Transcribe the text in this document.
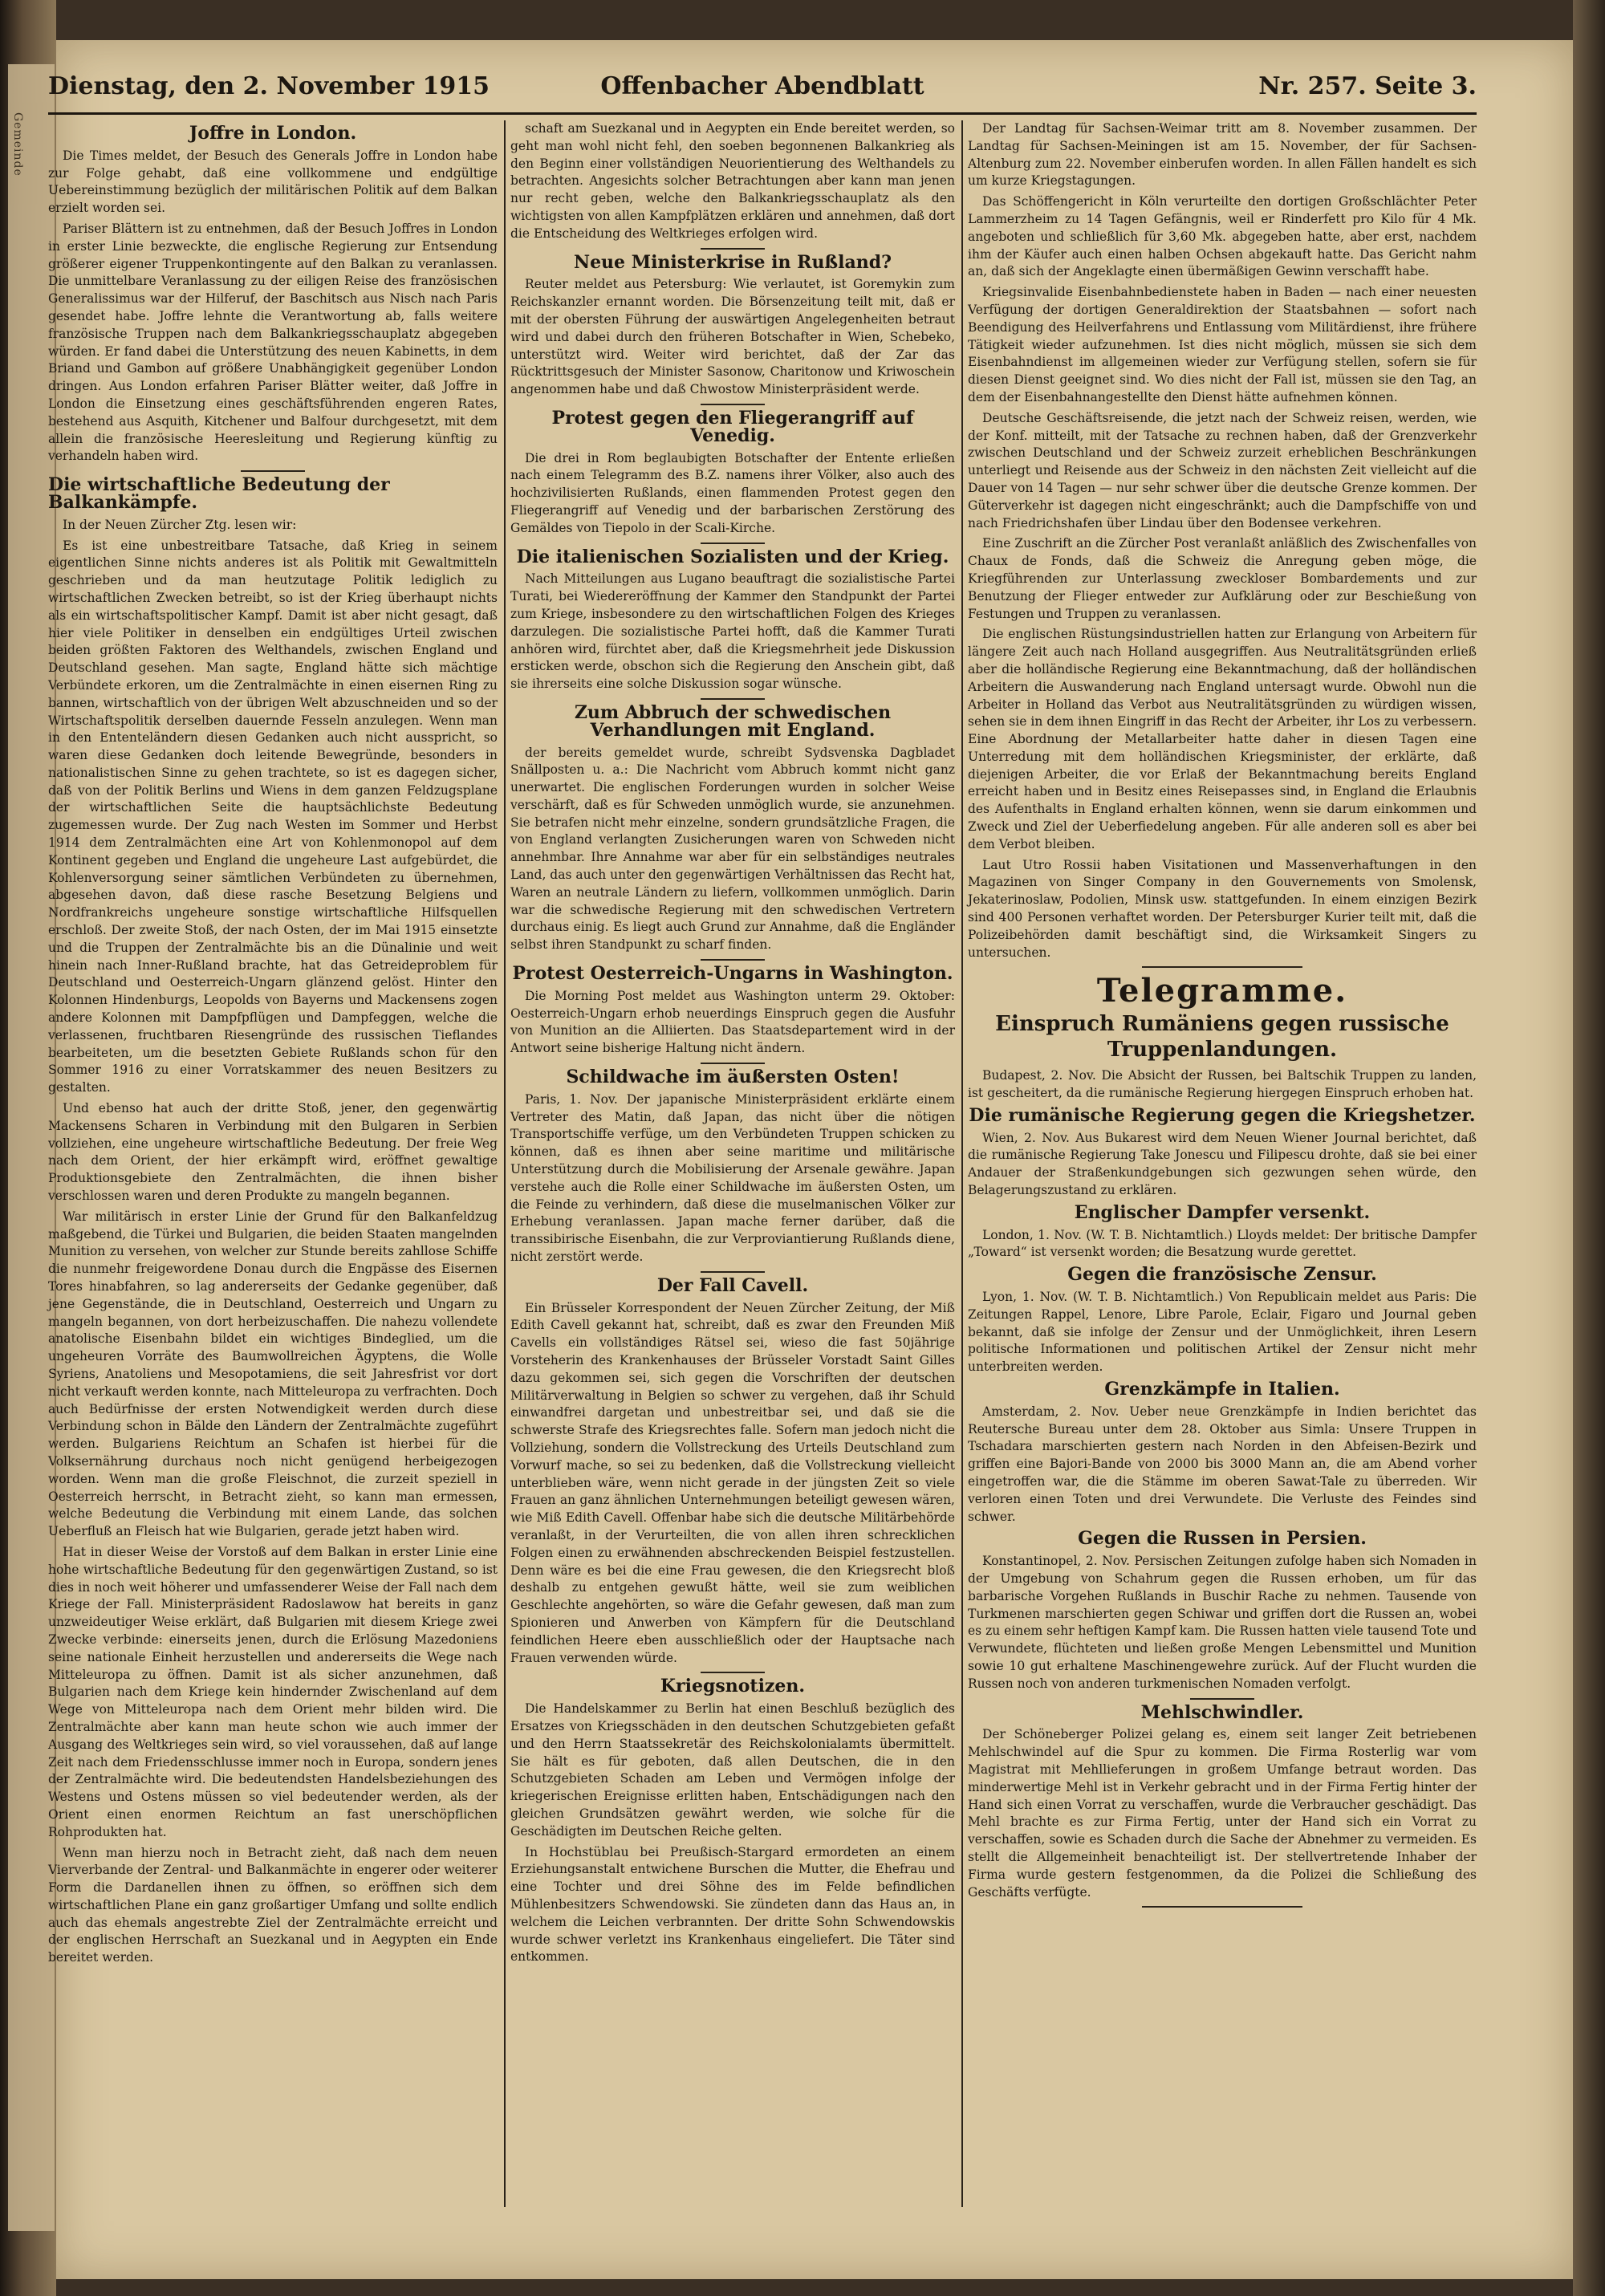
Gemeinde
Dienstag, den 2. November 1915	Offenbacher Abendblatt	Nr. 257. Seite 3.
Joffre in London.

Die Times meldet, der Besuch des Generals Joffre in London habe zur Folge gehabt, daß eine vollkommene und endgültige Uebereinstimmung bezüglich der militärischen Politik auf dem Balkan erzielt worden sei.

Pariser Blättern ist zu entnehmen, daß der Besuch Joffres in London in erster Linie bezweckte, die englische Regierung zur Entsendung größerer eigener Truppenkontingente auf den Balkan zu veranlassen. Die unmittelbare Veranlassung zu der eiligen Reise des französischen Generalissimus war der Hilferuf, der Baschitsch aus Nisch nach Paris gesendet habe. Joffre lehnte die Verantwortung ab, falls weitere französische Truppen nach dem Balkankriegsschauplatz abgegeben würden. Er fand dabei die Unterstützung des neuen Kabinetts, in dem Briand und Gambon auf größere Unabhängigkeit gegenüber London dringen. Aus London erfahren Pariser Blätter weiter, daß Joffre in London die Einsetzung eines geschäftsführenden engeren Rates, bestehend aus Asquith, Kitchener und Balfour durchgesetzt, mit dem allein die französische Heeresleitung und Regierung künftig zu verhandeln haben wird.

Die wirtschaftliche Bedeutung der Balkankämpfe.

In der Neuen Zürcher Ztg. lesen wir:

Es ist eine unbestreitbare Tatsache, daß Krieg in seinem eigentlichen Sinne nichts anderes ist als Politik mit Gewaltmitteln geschrieben und da man heutzutage Politik lediglich zu wirtschaftlichen Zwecken betreibt, so ist der Krieg überhaupt nichts als ein wirtschaftspolitischer Kampf. Damit ist aber nicht gesagt, daß hier viele Politiker in denselben ein endgültiges Urteil zwischen beiden größten Faktoren des Welthandels, zwischen England und Deutschland gesehen. Man sagte, England hätte sich mächtige Verbündete erkoren, um die Zentralmächte in einen eisernen Ring zu bannen, wirtschaftlich von der übrigen Welt abzuschneiden und so der Wirtschaftspolitik derselben dauernde Fesseln anzulegen. Wenn man in den Ententeländern diesen Gedanken auch nicht ausspricht, so waren diese Gedanken doch leitende Bewegründe, besonders in nationalistischen Sinne zu gehen trachtete, so ist es dagegen sicher, daß von der Politik Berlins und Wiens in dem ganzen Feldzugsplane der wirtschaftlichen Seite die hauptsächlichste Bedeutung zugemessen wurde. Der Zug nach Westen im Sommer und Herbst 1914 dem Zentralmächten eine Art von Kohlenmonopol auf dem Kontinent gegeben und England die ungeheure Last aufgebürdet, die Kohlenversorgung seiner sämtlichen Verbündeten zu übernehmen, abgesehen davon, daß diese rasche Besetzung Belgiens und Nordfrankreichs ungeheure sonstige wirtschaftliche Hilfsquellen erschloß. Der zweite Stoß, der nach Osten, der im Mai 1915 einsetzte und die Truppen der Zentralmächte bis an die Dünalinie und weit hinein nach Inner-Rußland brachte, hat das Getreideproblem für Deutschland und Oesterreich-Ungarn glänzend gelöst. Hinter den Kolonnen Hindenburgs, Leopolds von Bayerns und Mackensens zogen andere Kolonnen mit Dampfpflügen und Dampfeggen, welche die verlassenen, fruchtbaren Riesengründe des russischen Tieflandes bearbeiteten, um die besetzten Gebiete Rußlands schon für den Sommer 1916 zu einer Vorratskammer des neuen Besitzers zu gestalten.

Und ebenso hat auch der dritte Stoß, jener, den gegenwärtig Mackensens Scharen in Verbindung mit den Bulgaren in Serbien vollziehen, eine ungeheure wirtschaftliche Bedeutung. Der freie Weg nach dem Orient, der hier erkämpft wird, eröffnet gewaltige Produktionsgebiete den Zentralmächten, die ihnen bisher verschlossen waren und deren Produkte zu mangeln begannen.

War militärisch in erster Linie der Grund für den Balkanfeldzug maßgebend, die Türkei und Bulgarien, die beiden Staaten mangelnden Munition zu versehen, von welcher zur Stunde bereits zahllose Schiffe die nunmehr freigewordene Donau durch die Engpässe des Eisernen Tores hinabfahren, so lag andererseits der Gedanke gegenüber, daß jene Gegenstände, die in Deutschland, Oesterreich und Ungarn zu mangeln begannen, von dort herbeizuschaffen. Die nahezu vollendete anatolische Eisenbahn bildet ein wichtiges Bindeglied, um die ungeheuren Vorräte des Baumwollreichen Ägyptens, die Wolle Syriens, Anatoliens und Mesopotamiens, die seit Jahresfrist vor dort nicht verkauft werden konnte, nach Mitteleuropa zu verfrachten. Doch auch Bedürfnisse der ersten Notwendigkeit werden durch diese Verbindung schon in Bälde den Ländern der Zentralmächte zugeführt werden. Bulgariens Reichtum an Schafen ist hierbei für die Volksernährung durchaus noch nicht genügend herbeigezogen worden. Wenn man die große Fleischnot, die zurzeit speziell in Oesterreich herrscht, in Betracht zieht, so kann man ermessen, welche Bedeutung die Verbindung mit einem Lande, das solchen Ueberfluß an Fleisch hat wie Bulgarien, gerade jetzt haben wird.

Hat in dieser Weise der Vorstoß auf dem Balkan in erster Linie eine hohe wirtschaftliche Bedeutung für den gegenwärtigen Zustand, so ist dies in noch weit höherer und umfassenderer Weise der Fall nach dem Kriege der Fall. Ministerpräsident Radoslawow hat bereits in ganz unzweideutiger Weise erklärt, daß Bulgarien mit diesem Kriege zwei Zwecke verbinde: einerseits jenen, durch die Erlösung Mazedoniens seine nationale Einheit herzustellen und andererseits die Wege nach Mitteleuropa zu öffnen. Damit ist als sicher anzunehmen, daß Bulgarien nach dem Kriege kein hindernder Zwischenland auf dem Wege von Mitteleuropa nach dem Orient mehr bilden wird. Die Zentralmächte aber kann man heute schon wie auch immer der Ausgang des Weltkrieges sein wird, so viel voraussehen, daß auf lange Zeit nach dem Friedensschlusse immer noch in Europa, sondern jenes der Zentralmächte wird. Die bedeutendsten Handelsbeziehungen des Westens und Ostens müssen so viel bedeutender werden, als der Orient einen enormen Reichtum an fast unerschöpflichen Rohprodukten hat.

Wenn man hierzu noch in Betracht zieht, daß nach dem neuen Vierverbande der Zentral- und Balkanmächte in engerer oder weiterer Form die Dardanellen ihnen zu öffnen, so eröffnen sich dem wirtschaftlichen Plane ein ganz großartiger Umfang und sollte endlich auch das ehemals angestrebte Ziel der Zentralmächte erreicht und der englischen Herrschaft an Suezkanal und in Aegypten ein Ende bereitet werden.

schaft am Suezkanal und in Aegypten ein Ende bereitet werden, so geht man wohl nicht fehl, den soeben begonnenen Balkankrieg als den Beginn einer vollständigen Neuorientierung des Welthandels zu betrachten. Angesichts solcher Betrachtungen aber kann man jenen nur recht geben, welche den Balkankriegsschauplatz als den wichtigsten von allen Kampfplätzen erklären und annehmen, daß dort die Entscheidung des Weltkrieges erfolgen wird.

Neue Ministerkrise in Rußland?

Reuter meldet aus Petersburg: Wie verlautet, ist Goremykin zum Reichskanzler ernannt worden. Die Börsenzeitung teilt mit, daß er mit der obersten Führung der auswärtigen Angelegenheiten betraut wird und dabei durch den früheren Botschafter in Wien, Schebeko, unterstützt wird. Weiter wird berichtet, daß der Zar das Rücktrittsgesuch der Minister Sasonow, Charitonow und Kriwoschein angenommen habe und daß Chwostow Ministerpräsident werde.

Protest gegen den Fliegerangriff auf Venedig.

Die drei in Rom beglaubigten Botschafter der Entente erließen nach einem Telegramm des B.Z. namens ihrer Völker, also auch des hochzivilisierten Rußlands, einen flammenden Protest gegen den Fliegerangriff auf Venedig und der barbarischen Zerstörung des Gemäldes von Tiepolo in der Scali-Kirche.

Die italienischen Sozialisten und der Krieg.

Nach Mitteilungen aus Lugano beauftragt die sozialistische Partei Turati, bei Wiedereröffnung der Kammer den Standpunkt der Partei zum Kriege, insbesondere zu den wirtschaftlichen Folgen des Krieges darzulegen. Die sozialistische Partei hofft, daß die Kammer Turati anhören wird, fürchtet aber, daß die Kriegsmehrheit jede Diskussion ersticken werde, obschon sich die Regierung den Anschein gibt, daß sie ihrerseits eine solche Diskussion sogar wünsche.

Zum Abbruch der schwedischen Verhandlungen mit England.

der bereits gemeldet wurde, schreibt Sydsvenska Dagbladet Snällposten u. a.: Die Nachricht vom Abbruch kommt nicht ganz unerwartet. Die englischen Forderungen wurden in solcher Weise verschärft, daß es für Schweden unmöglich wurde, sie anzunehmen. Sie betrafen nicht mehr einzelne, sondern grundsätzliche Fragen, die von England verlangten Zusicherungen waren von Schweden nicht annehmbar. Ihre Annahme war aber für ein selbständiges neutrales Land, das auch unter den gegenwärtigen Verhältnissen das Recht hat, Waren an neutrale Ländern zu liefern, vollkommen unmöglich. Darin war die schwedische Regierung mit den schwedischen Vertretern durchaus einig. Es liegt auch Grund zur Annahme, daß die Engländer selbst ihren Standpunkt zu scharf finden.

Protest Oesterreich-Ungarns in Washington.

Die Morning Post meldet aus Washington unterm 29. Oktober: Oesterreich-Ungarn erhob neuerdings Einspruch gegen die Ausfuhr von Munition an die Alliierten. Das Staatsdepartement wird in der Antwort seine bisherige Haltung nicht ändern.

Schildwache im äußersten Osten!

Paris, 1. Nov. Der japanische Ministerpräsident erklärte einem Vertreter des Matin, daß Japan, das nicht über die nötigen Transportschiffe verfüge, um den Verbündeten Truppen schicken zu können, daß es ihnen aber seine maritime und militärische Unterstützung durch die Mobilisierung der Arsenale gewähre. Japan verstehe auch die Rolle einer Schildwache im äußersten Osten, um die Feinde zu verhindern, daß diese die muselmanischen Völker zur Erhebung veranlassen. Japan mache ferner darüber, daß die transsibirische Eisenbahn, die zur Verproviantierung Rußlands diene, nicht zerstört werde.

Der Fall Cavell.

Ein Brüsseler Korrespondent der Neuen Zürcher Zeitung, der Miß Edith Cavell gekannt hat, schreibt, daß es zwar den Freunden Miß Cavells ein vollständiges Rätsel sei, wieso die fast 50jährige Vorsteherin des Krankenhauses der Brüsseler Vorstadt Saint Gilles dazu gekommen sei, sich gegen die Vorschriften der deutschen Militärverwaltung in Belgien so schwer zu vergehen, daß ihr Schuld einwandfrei dargetan und unbestreitbar sei, und daß sie die schwerste Strafe des Kriegsrechtes falle. Sofern man jedoch nicht die Vollziehung, sondern die Vollstreckung des Urteils Deutschland zum Vorwurf mache, so sei zu bedenken, daß die Vollstreckung vielleicht unterblieben wäre, wenn nicht gerade in der jüngsten Zeit so viele Frauen an ganz ähnlichen Unternehmungen beteiligt gewesen wären, wie Miß Edith Cavell. Offenbar habe sich die deutsche Militärbehörde veranlaßt, in der Verurteilten, die von allen ihren schrecklichen Folgen einen zu erwähnenden abschreckenden Beispiel festzustellen. Denn wäre es bei die eine Frau gewesen, die den Kriegsrecht bloß deshalb zu entgehen gewußt hätte, weil sie zum weiblichen Geschlechte angehörten, so wäre die Gefahr gewesen, daß man zum Spionieren und Anwerben von Kämpfern für die Deutschland feindlichen Heere eben ausschließlich oder der Hauptsache nach Frauen verwenden würde.

Kriegsnotizen.

Die Handelskammer zu Berlin hat einen Beschluß bezüglich des Ersatzes von Kriegsschäden in den deutschen Schutzgebieten gefaßt und den Herrn Staatssekretär des Reichskolonialamts übermittelt. Sie hält es für geboten, daß allen Deutschen, die in den Schutzgebieten Schaden am Leben und Vermögen infolge der kriegerischen Ereignisse erlitten haben, Entschädigungen nach den gleichen Grundsätzen gewährt werden, wie solche für die Geschädigten im Deutschen Reiche gelten.

In Hochstüblau bei Preußisch-Stargard ermordeten an einem Erziehungsanstalt entwichene Burschen die Mutter, die Ehefrau und eine Tochter und drei Söhne des im Felde befindlichen Mühlenbesitzers Schwendowski. Sie zündeten dann das Haus an, in welchem die Leichen verbrannten. Der dritte Sohn Schwendowskis wurde schwer verletzt ins Krankenhaus eingeliefert. Die Täter sind entkommen.

Der Landtag für Sachsen-Weimar tritt am 8. November zusammen. Der Landtag für Sachsen-Meiningen ist am 15. November, der für Sachsen-Altenburg zum 22. November einberufen worden. In allen Fällen handelt es sich um kurze Kriegstagungen.

Das Schöffengericht in Köln verurteilte den dortigen Großschlächter Peter Lammerzheim zu 14 Tagen Gefängnis, weil er Rinderfett pro Kilo für 4 Mk. angeboten und schließlich für 3,60 Mk. abgegeben hatte, aber erst, nachdem ihm der Käufer auch einen halben Ochsen abgekauft hatte. Das Gericht nahm an, daß sich der Angeklagte einen übermäßigen Gewinn verschafft habe.

Kriegsinvalide Eisenbahnbedienstete haben in Baden — nach einer neuesten Verfügung der dortigen Generaldirektion der Staatsbahnen — sofort nach Beendigung des Heilverfahrens und Entlassung vom Militärdienst, ihre frühere Tätigkeit wieder aufzunehmen. Ist dies nicht möglich, müssen sie sich dem Eisenbahndienst im allgemeinen wieder zur Verfügung stellen, sofern sie für diesen Dienst geeignet sind. Wo dies nicht der Fall ist, müssen sie den Tag, an dem der Eisenbahnangestellte den Dienst hätte aufnehmen können.

Deutsche Geschäftsreisende, die jetzt nach der Schweiz reisen, werden, wie der Konf. mitteilt, mit der Tatsache zu rechnen haben, daß der Grenzverkehr zwischen Deutschland und der Schweiz zurzeit erheblichen Beschränkungen unterliegt und Reisende aus der Schweiz in den nächsten Zeit vielleicht auf die Dauer von 14 Tagen — nur sehr schwer über die deutsche Grenze kommen. Der Güterverkehr ist dagegen nicht eingeschränkt; auch die Dampfschiffe von und nach Friedrichshafen über Lindau über den Bodensee verkehren.

Eine Zuschrift an die Zürcher Post veranlaßt anläßlich des Zwischenfalles von Chaux de Fonds, daß die Schweiz die Anregung geben möge, die Kriegführenden zur Unterlassung zweckloser Bombardements und zur Benutzung der Flieger entweder zur Aufklärung oder zur Beschießung von Festungen und Truppen zu veranlassen.

Die englischen Rüstungsindustriellen hatten zur Erlangung von Arbeitern für längere Zeit auch nach Holland ausgegriffen. Aus Neutralitätsgründen erließ aber die holländische Regierung eine Bekanntmachung, daß der holländischen Arbeitern die Auswanderung nach England untersagt wurde. Obwohl nun die Arbeiter in Holland das Verbot aus Neutralitätsgründen zu würdigen wissen, sehen sie in dem ihnen Eingriff in das Recht der Arbeiter, ihr Los zu verbessern. Eine Abordnung der Metallarbeiter hatte daher in diesen Tagen eine Unterredung mit dem holländischen Kriegsminister, der erklärte, daß diejenigen Arbeiter, die vor Erlaß der Bekanntmachung bereits England erreicht haben und in Besitz eines Reisepasses sind, in England die Erlaubnis des Aufenthalts in England erhalten können, wenn sie darum einkommen und Zweck und Ziel der Ueberfiedelung angeben. Für alle anderen soll es aber bei dem Verbot bleiben.

Laut Utro Rossii haben Visitationen und Massenverhaftungen in den Magazinen von Singer Company in den Gouvernements von Smolensk, Jekaterinoslaw, Podolien, Minsk usw. stattgefunden. In einem einzigen Bezirk sind 400 Personen verhaftet worden. Der Petersburger Kurier teilt mit, daß die Polizeibehörden damit beschäftigt sind, die Wirksamkeit Singers zu untersuchen.

Telegramme.
Einspruch Rumäniens gegen russische Truppenlandungen.

Budapest, 2. Nov. Die Absicht der Russen, bei Baltschik Truppen zu landen, ist gescheitert, da die rumänische Regierung hiergegen Einspruch erhoben hat.

Die rumänische Regierung gegen die Kriegshetzer.

Wien, 2. Nov. Aus Bukarest wird dem Neuen Wiener Journal berichtet, daß die rumänische Regierung Take Jonescu und Filipescu drohte, daß sie bei einer Andauer der Straßenkundgebungen sich gezwungen sehen würde, den Belagerungszustand zu erklären.

Englischer Dampfer versenkt.

London, 1. Nov. (W. T. B. Nichtamtlich.) Lloyds meldet: Der britische Dampfer „Toward“ ist versenkt worden; die Besatzung wurde gerettet.

Gegen die französische Zensur.

Lyon, 1. Nov. (W. T. B. Nichtamtlich.) Von Republicain meldet aus Paris: Die Zeitungen Rappel, Lenore, Libre Parole, Eclair, Figaro und Journal geben bekannt, daß sie infolge der Zensur und der Unmöglichkeit, ihren Lesern politische Informationen und politischen Artikel der Zensur nicht mehr unterbreiten werden.

Grenzkämpfe in Italien.

Amsterdam, 2. Nov. Ueber neue Grenzkämpfe in Indien berichtet das Reutersche Bureau unter dem 28. Oktober aus Simla: Unsere Truppen in Tschadara marschierten gestern nach Norden in den Abfeisen-Bezirk und griffen eine Bajori-Bande von 2000 bis 3000 Mann an, die am Abend vorher eingetroffen war, die die Stämme im oberen Sawat-Tale zu überreden. Wir verloren einen Toten und drei Verwundete. Die Verluste des Feindes sind schwer.

Gegen die Russen in Persien.

Konstantinopel, 2. Nov. Persischen Zeitungen zufolge haben sich Nomaden in der Umgebung von Schahrum gegen die Russen erhoben, um für das barbarische Vorgehen Rußlands in Buschir Rache zu nehmen. Tausende von Turkmenen marschierten gegen Schiwar und griffen dort die Russen an, wobei es zu einem sehr heftigen Kampf kam. Die Russen hatten viele tausend Tote und Verwundete, flüchteten und ließen große Mengen Lebensmittel und Munition sowie 10 gut erhaltene Maschinengewehre zurück. Auf der Flucht wurden die Russen noch von anderen turkmenischen Nomaden verfolgt.

Mehlschwindler.

Der Schöneberger Polizei gelang es, einem seit langer Zeit betriebenen Mehlschwindel auf die Spur zu kommen. Die Firma Rosterlig war vom Magistrat mit Mehllieferungen in großem Umfange betraut worden. Das minderwertige Mehl ist in Verkehr gebracht und in der Firma Fertig hinter der Hand sich einen Vorrat zu verschaffen, wurde die Verbraucher geschädigt. Das Mehl brachte es zur Firma Fertig, unter der Hand sich ein Vorrat zu verschaffen, sowie es Schaden durch die Sache der Abnehmer zu vermeiden. Es stellt die Allgemeinheit benachteiligt ist. Der stellvertretende Inhaber der Firma wurde gestern festgenommen, da die Polizei die Schließung des Geschäfts verfügte.
